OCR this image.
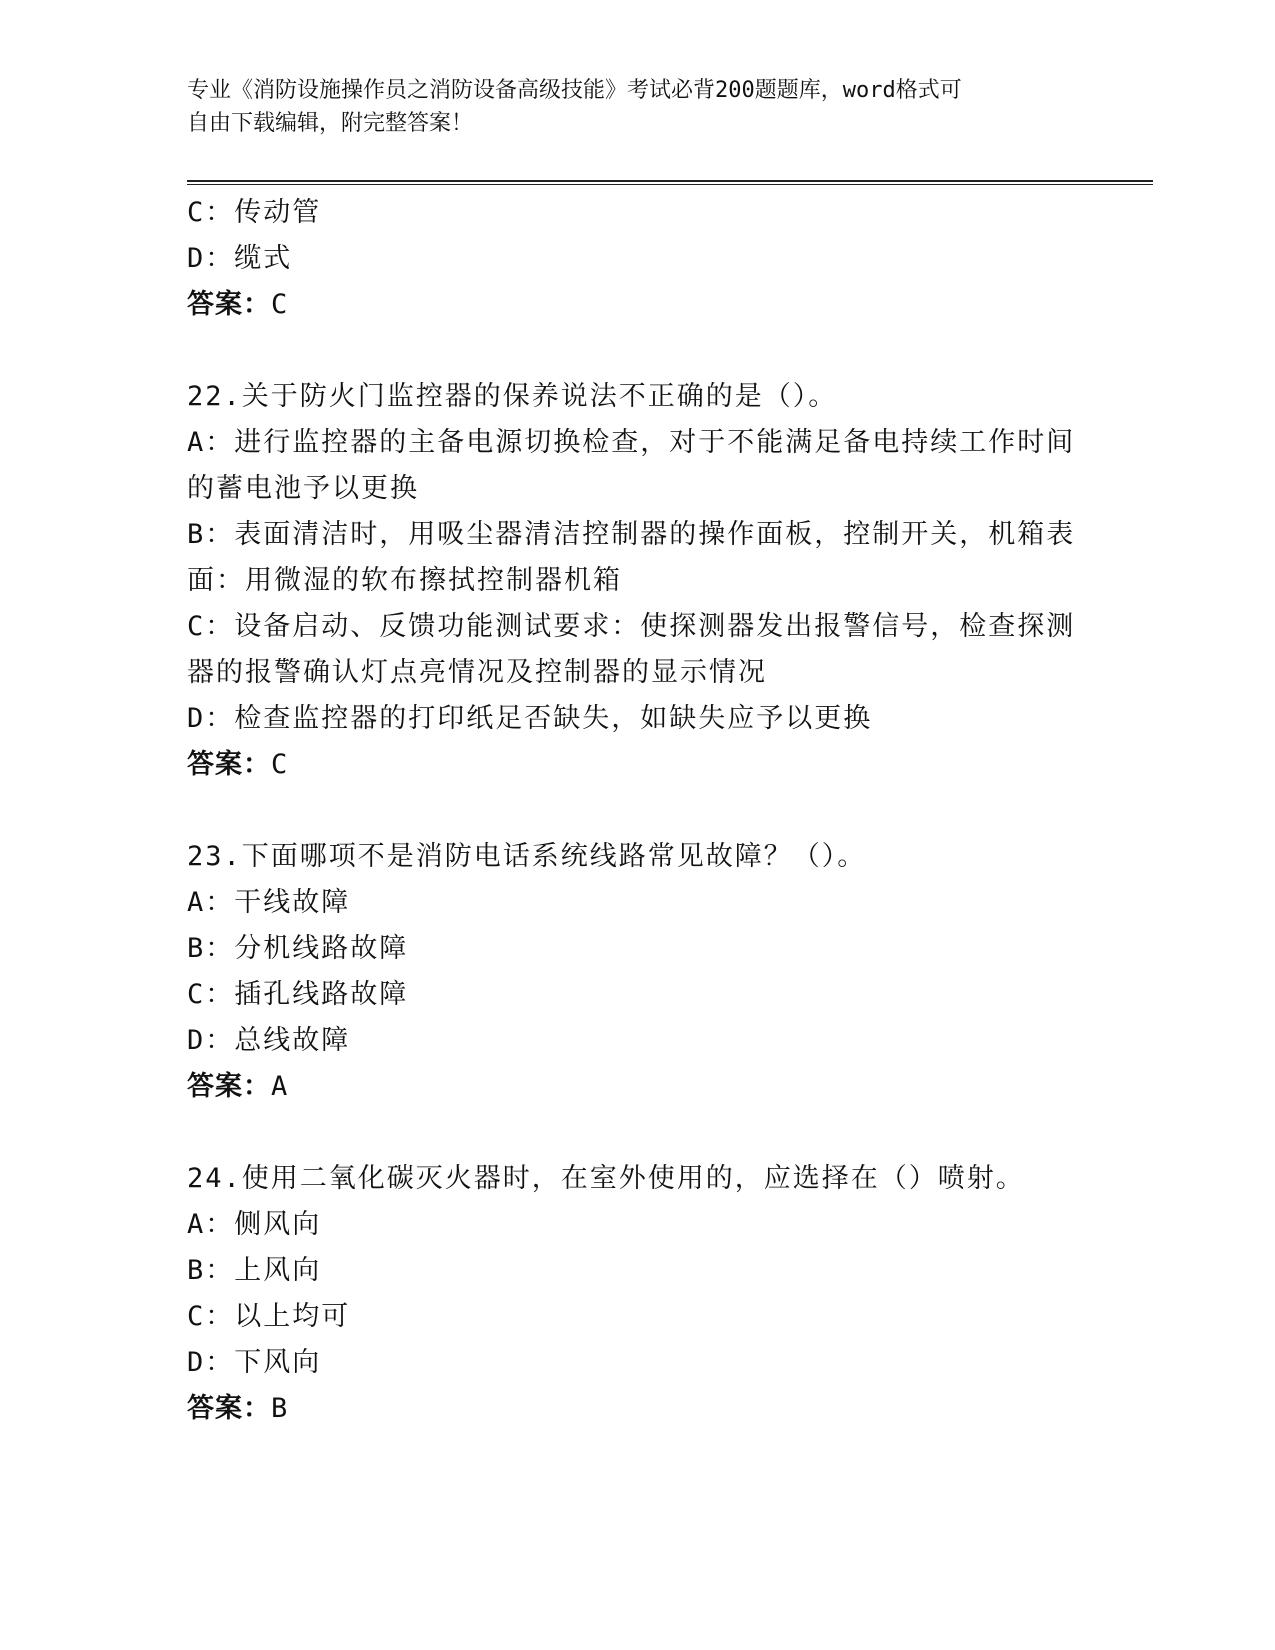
专业《消防设施操作员之消防设备高级技能》考试必背200题题库，word格式可
自由下载编辑，附完整答案！
C：传动管
D：缆式
答案：C
22.关于防火门监控器的保养说法不正确的是（）。
A：进行监控器的主备电源切换检查，对于不能满足备电持续工作时间
的蓄电池予以更换
B：表面清洁时，用吸尘器清洁控制器的操作面板，控制开关，机箱表
面：用微湿的软布擦拭控制器机箱
C：设备启动、反馈功能测试要求：使探测器发出报警信号，检查探测
器的报警确认灯点亮情况及控制器的显示情况
D：检查监控器的打印纸足否缺失，如缺失应予以更换
答案：C
23.下面哪项不是消防电话系统线路常见故障？（）。
A：干线故障
B：分机线路故障
C：插孔线路故障
D：总线故障
答案：A
24.使用二氧化碳灭火器时，在室外使用的，应选择在（）喷射。
A：侧风向
B：上风向
C：以上均可
D：下风向
答案：B
